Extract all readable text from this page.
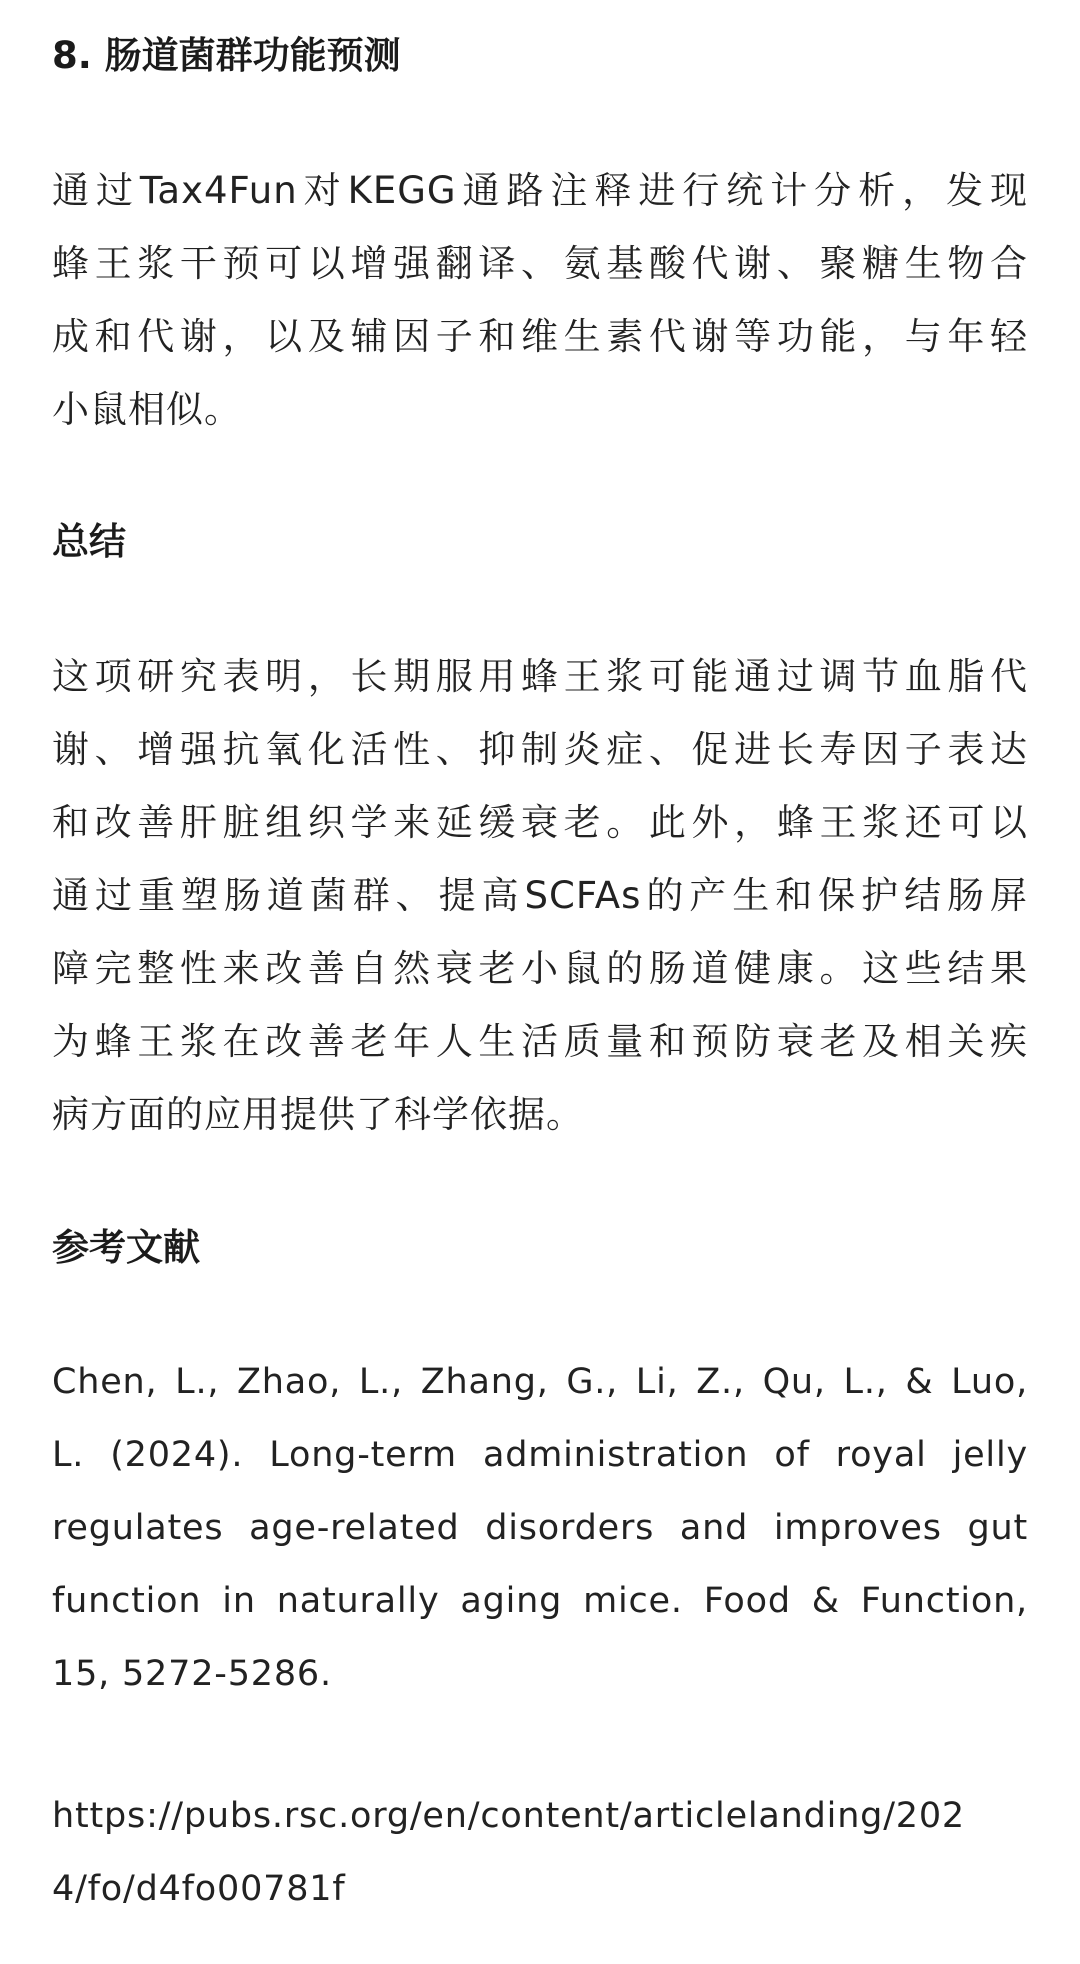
8. 肠道菌群功能预测
通过Tax4Fun对KEGG通路注释进行统计分析，发现
蜂王浆干预可以增强翻译、氨基酸代谢、聚糖生物合
成和代谢，以及辅因子和维生素代谢等功能，与年轻
小鼠相似。
总结
这项研究表明，长期服用蜂王浆可能通过调节血脂代
谢、增强抗氧化活性、抑制炎症、促进长寿因子表达
和改善肝脏组织学来延缓衰老。此外，蜂王浆还可以
通过重塑肠道菌群、提高SCFAs的产生和保护结肠屏
障完整性来改善自然衰老小鼠的肠道健康。这些结果
为蜂王浆在改善老年人生活质量和预防衰老及相关疾
病方面的应用提供了科学依据。
参考文献
Chen, L., Zhao, L., Zhang, G., Li, Z., Qu, L., & Luo,
L. (2024). Long-term administration of royal jelly
regulates age-related disorders and improves gut
function in naturally aging mice. Food & Function,
15, 5272-5286.
https://pubs.rsc.org/en/content/articlelanding/202
4/fo/d4fo00781f
